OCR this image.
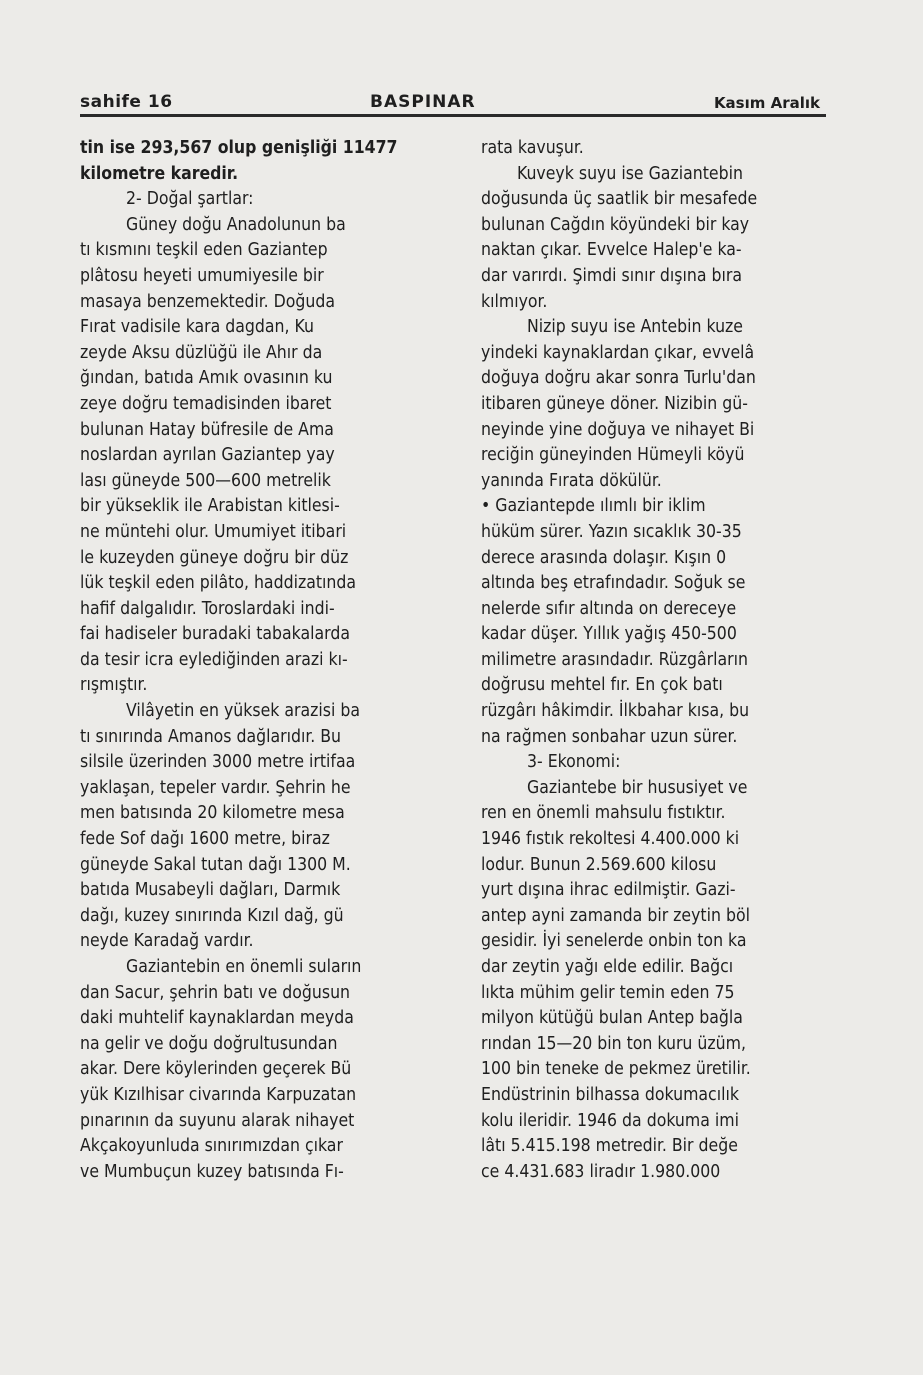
sahife 16	BASPINAR	Kasım Aralık
tin ise 293,567 olup genişliği 11477
kilometre karedir.
2- Doğal şartlar:
Güney doğu Anadolunun ba
tı kısmını teşkil eden Gaziantep
plâtosu heyeti umumiyesile bir
masaya benzemektedir. Doğuda
Fırat vadisile kara dagdan, Ku
zeyde Aksu düzlüğü ile Ahır da
ğından, batıda Amık ovasının ku
zeye doğru temadisinden ibaret
bulunan Hatay büfresile de Ama
noslardan ayrılan Gaziantep yay
lası güneyde 500—600 metrelik
bir yükseklik ile Arabistan kitlesi-
ne müntehi olur. Umumiyet itibari
le kuzeyden güneye doğru bir düz
lük teşkil eden pilâto, haddizatında
hafif dalgalıdır. Toroslardaki indi-
fai hadiseler buradaki tabakalarda
da tesir icra eylediğinden arazi kı-
rışmıştır.
Vilâyetin en yüksek arazisi ba
tı sınırında Amanos dağlarıdır. Bu
silsile üzerinden 3000 metre irtifaa
yaklaşan, tepeler vardır. Şehrin he
men batısında 20 kilometre mesa
fede Sof dağı 1600 metre, biraz
güneyde Sakal tutan dağı 1300 M.
batıda Musabeyli dağları, Darmık
dağı, kuzey sınırında Kızıl dağ, gü
neyde Karadağ vardır.
Gaziantebin en önemli suların
dan Sacur, şehrin batı ve doğusun
daki muhtelif kaynaklardan meyda
na gelir ve doğu doğrultusundan
akar. Dere köylerinden geçerek Bü
yük Kızılhisar civarında Karpuzatan
pınarının da suyunu alarak nihayet
Akçakoyunluda sınırımızdan çıkar
ve Mumbuçun kuzey batısında Fı-
rata kavuşur.
Kuveyk suyu ise Gaziantebin
doğusunda üç saatlik bir mesafede
bulunan Cağdın köyündeki bir kay
naktan çıkar. Evvelce Halep'e ka-
dar varırdı. Şimdi sınır dışına bıra
kılmıyor.
Nizip suyu ise Antebin kuze
yindeki kaynaklardan çıkar, evvelâ
doğuya doğru akar sonra Turlu'dan
itibaren güneye döner. Nizibin gü-
neyinde yine doğuya ve nihayet Bi
reciğin güneyinden Hümeyli köyü
yanında Fırata dökülür.
• Gaziantepde ılımlı bir iklim
hüküm sürer. Yazın sıcaklık 30-35
derece arasında dolaşır. Kışın 0
altında beş etrafındadır. Soğuk se
nelerde sıfır altında on dereceye
kadar düşer. Yıllık yağış 450-500
milimetre arasındadır. Rüzgârların
doğrusu mehtel fır. En çok batı
rüzgârı hâkimdir. İlkbahar kısa, bu
na rağmen sonbahar uzun sürer.
3- Ekonomi:
Gaziantebe bir hususiyet ve
ren en önemli mahsulu fıstıktır.
1946 fıstık rekoltesi 4.400.000 ki
lodur. Bunun 2.569.600 kilosu
yurt dışına ihrac edilmiştir. Gazi-
antep ayni zamanda bir zeytin böl
gesidir. İyi senelerde onbin ton ka
dar zeytin yağı elde edilir. Bağcı
lıkta mühim gelir temin eden 75
milyon kütüğü bulan Antep bağla
rından 15—20 bin ton kuru üzüm,
100 bin teneke de pekmez üretilir.
Endüstrinin bilhassa dokumacılık
kolu ileridir. 1946 da dokuma imi
lâtı 5.415.198 metredir. Bir değe
ce 4.431.683 liradır 1.980.000
